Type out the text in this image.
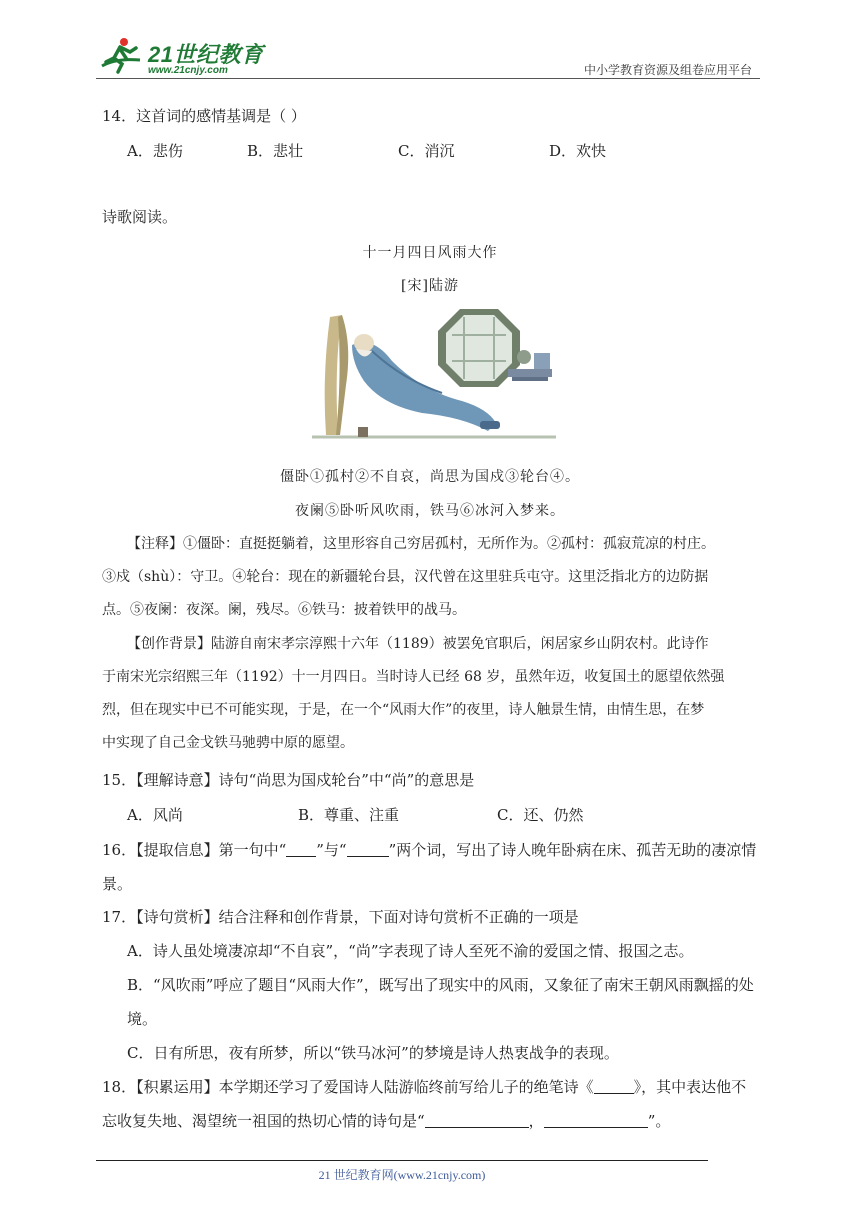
21世纪教育
www.21cnjy.com	中小学教育资源及组卷应用平台
14．这首词的感情基调是（ ）
A．悲伤	B．悲壮	C．消沉	D．欢快
诗歌阅读。
十一月四日风雨大作
[宋]陆游
僵卧①孤村②不自哀，尚思为国戍③轮台④。
夜阑⑤卧听风吹雨，铁马⑥冰河入梦来。
【注释】①僵卧：直挺挺躺着，这里形容自己穷居孤村，无所作为。②孤村：孤寂荒凉的村庄。
③戍（shù）：守卫。④轮台：现在的新疆轮台县，汉代曾在这里驻兵屯守。这里泛指北方的边防据
点。⑤夜阑：夜深。阑，残尽。⑥铁马：披着铁甲的战马。
【创作背景】陆游自南宋孝宗淳熙十六年（1189）被罢免官职后，闲居家乡山阴农村。此诗作
于南宋光宗绍熙三年（1192）十一月四日。当时诗人已经 68 岁，虽然年迈，收复国土的愿望依然强
烈，但在现实中已不可能实现，于是，在一个“风雨大作”的夜里，诗人触景生情，由情生思，在梦
中实现了自己金戈铁马驰骋中原的愿望。
15．【理解诗意】诗句“尚思为国戍轮台”中“尚”的意思是
A．风尚	B．尊重、注重	C．还、仍然
16．【提取信息】第一句中“ ”与“	”两个词，写出了诗人晚年卧病在床、孤苦无助的凄凉情
景。
17．【诗句赏析】结合注释和创作背景，下面对诗句赏析不正确的一项是
A．诗人虽处境凄凉却“不自哀”，“尚”字表现了诗人至死不渝的爱国之情、报国之志。
B．“风吹雨”呼应了题目“风雨大作”，既写出了现实中的风雨，又象征了南宋王朝风雨飘摇的处
境。
C．日有所思，夜有所梦，所以“铁马冰河”的梦境是诗人热衷战争的表现。
18．【积累运用】本学期还学习了爱国诗人陆游临终前写给儿子的绝笔诗《	》，其中表达他不
忘收复失地、渴望统一祖国的热切心情的诗句是“	，	”。
21 世纪教育网(www.21cnjy.com)
